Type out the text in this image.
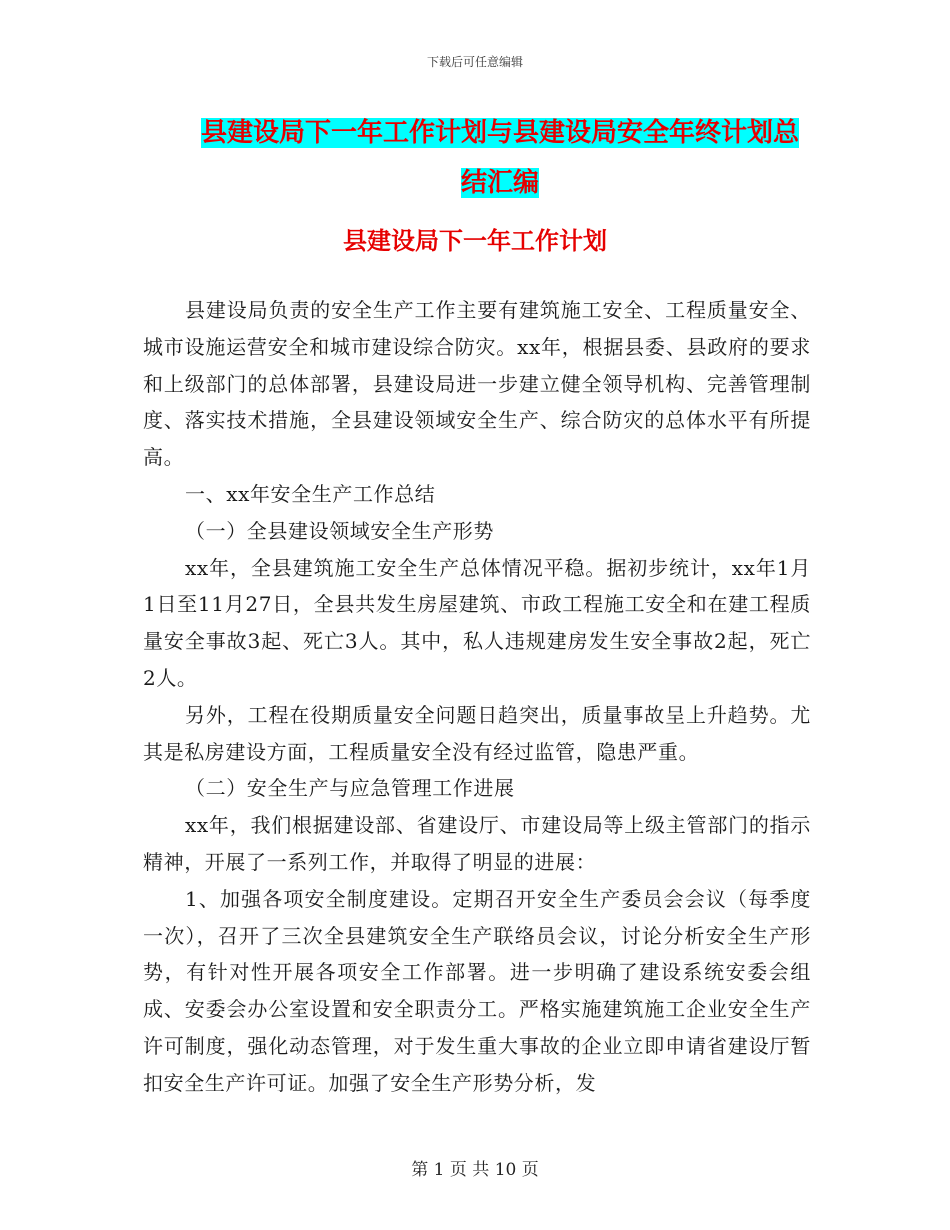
下载后可任意编辑
县建设局下一年工作计划与县建设局安全年终计划总
结汇编
县建设局下一年工作计划

县建设局负责的安全生产工作主要有建筑施工安全、工程质量安全、城市设施运营安全和城市建设综合防灾。xx年，根据县委、县政府的要求和上级部门的总体部署，县建设局进一步建立健全领导机构、完善管理制度、落实技术措施，全县建设领域安全生产、综合防灾的总体水平有所提高。

一、xx年安全生产工作总结

（一）全县建设领域安全生产形势

xx年，全县建筑施工安全生产总体情况平稳。据初步统计，xx年1月1日至11月27日，全县共发生房屋建筑、市政工程施工安全和在建工程质量安全事故3起、死亡3人。其中，私人违规建房发生安全事故2起，死亡2人。

另外，工程在役期质量安全问题日趋突出，质量事故呈上升趋势。尤其是私房建设方面，工程质量安全没有经过监管，隐患严重。

（二）安全生产与应急管理工作进展

xx年，我们根据建设部、省建设厅、市建设局等上级主管部门的指示精神，开展了一系列工作，并取得了明显的进展：

1、加强各项安全制度建设。定期召开安全生产委员会会议（每季度一次），召开了三次全县建筑安全生产联络员会议，讨论分析安全生产形势，有针对性开展各项安全工作部署。进一步明确了建设系统安委会组成、安委会办公室设置和安全职责分工。严格实施建筑施工企业安全生产许可制度，强化动态管理，对于发生重大事故的企业立即申请省建设厅暂扣安全生产许可证。加强了安全生产形势分析，发

第 1 页 共 10 页
